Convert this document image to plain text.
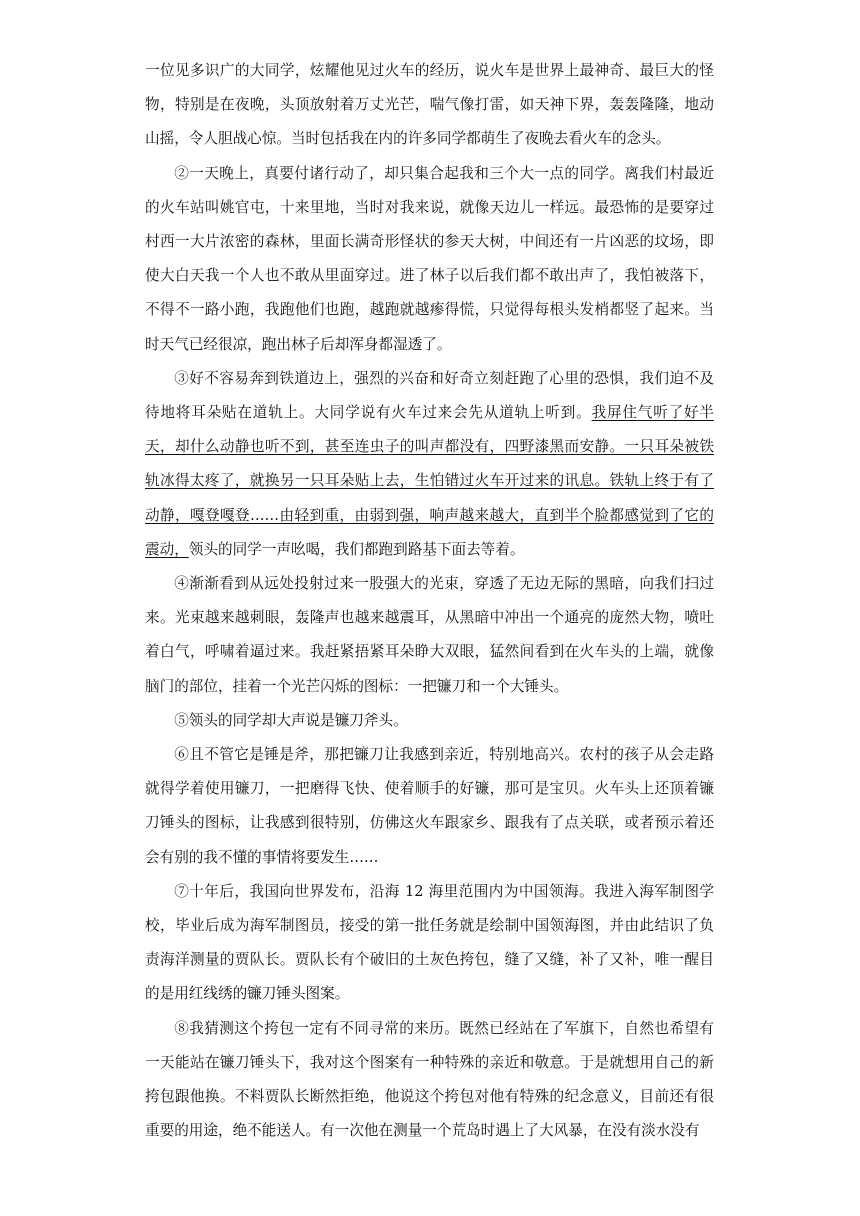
一位见多识广的大同学，炫耀他见过火车的经历，说火车是世界上最神奇、最巨大的怪物，特别是在夜晚，头顶放射着万丈光芒，喘气像打雷，如天神下界，轰轰隆隆，地动山摇，令人胆战心惊。当时包括我在内的许多同学都萌生了夜晚去看火车的念头。

②一天晚上，真要付诸行动了，却只集合起我和三个大一点的同学。离我们村最近的火车站叫姚官屯，十来里地，当时对我来说，就像天边儿一样远。最恐怖的是要穿过村西一大片浓密的森林，里面长满奇形怪状的参天大树，中间还有一片凶恶的坟场，即使大白天我一个人也不敢从里面穿过。进了林子以后我们都不敢出声了，我怕被落下，不得不一路小跑，我跑他们也跑，越跑就越瘆得慌，只觉得每根头发梢都竖了起来。当时天气已经很凉，跑出林子后却浑身都湿透了。

③好不容易奔到铁道边上，强烈的兴奋和好奇立刻赶跑了心里的恐惧，我们迫不及待地将耳朵贴在道轨上。大同学说有火车过来会先从道轨上听到。我屏住气听了好半天，却什么动静也听不到，甚至连虫子的叫声都没有，四野漆黑而安静。一只耳朵被铁轨冰得太疼了，就换另一只耳朵贴上去，生怕错过火车开过来的讯息。铁轨上终于有了动静，嘎登嘎登……由轻到重，由弱到强，响声越来越大，直到半个脸都感觉到了它的震动，领头的同学一声吆喝，我们都跑到路基下面去等着。

④渐渐看到从远处投射过来一股强大的光束，穿透了无边无际的黑暗，向我们扫过来。光束越来越刺眼，轰隆声也越来越震耳，从黑暗中冲出一个通亮的庞然大物，喷吐着白气，呼啸着逼过来。我赶紧捂紧耳朵睁大双眼，猛然间看到在火车头的上端，就像脑门的部位，挂着一个光芒闪烁的图标：一把镰刀和一个大锤头。

⑤领头的同学却大声说是镰刀斧头。

⑥且不管它是锤是斧，那把镰刀让我感到亲近，特别地高兴。农村的孩子从会走路就得学着使用镰刀，一把磨得飞快、使着顺手的好镰，那可是宝贝。火车头上还顶着镰刀锤头的图标，让我感到很特别，仿佛这火车跟家乡、跟我有了点关联，或者预示着还会有别的我不懂的事情将要发生……

⑦十年后，我国向世界发布，沿海 12 海里范围内为中国领海。我进入海军制图学校，毕业后成为海军制图员，接受的第一批任务就是绘制中国领海图，并由此结识了负责海洋测量的贾队长。贾队长有个破旧的土灰色挎包，缝了又缝，补了又补，唯一醒目的是用红线绣的镰刀锤头图案。

⑧我猜测这个挎包一定有不同寻常的来历。既然已经站在了军旗下，自然也希望有一天能站在镰刀锤头下，我对这个图案有一种特殊的亲近和敬意。于是就想用自己的新挎包跟他换。不料贾队长断然拒绝，他说这个挎包对他有特殊的纪念意义，目前还有很重要的用途，绝不能送人。有一次他在测量一个荒岛时遇上了大风暴，在没有淡水没有
